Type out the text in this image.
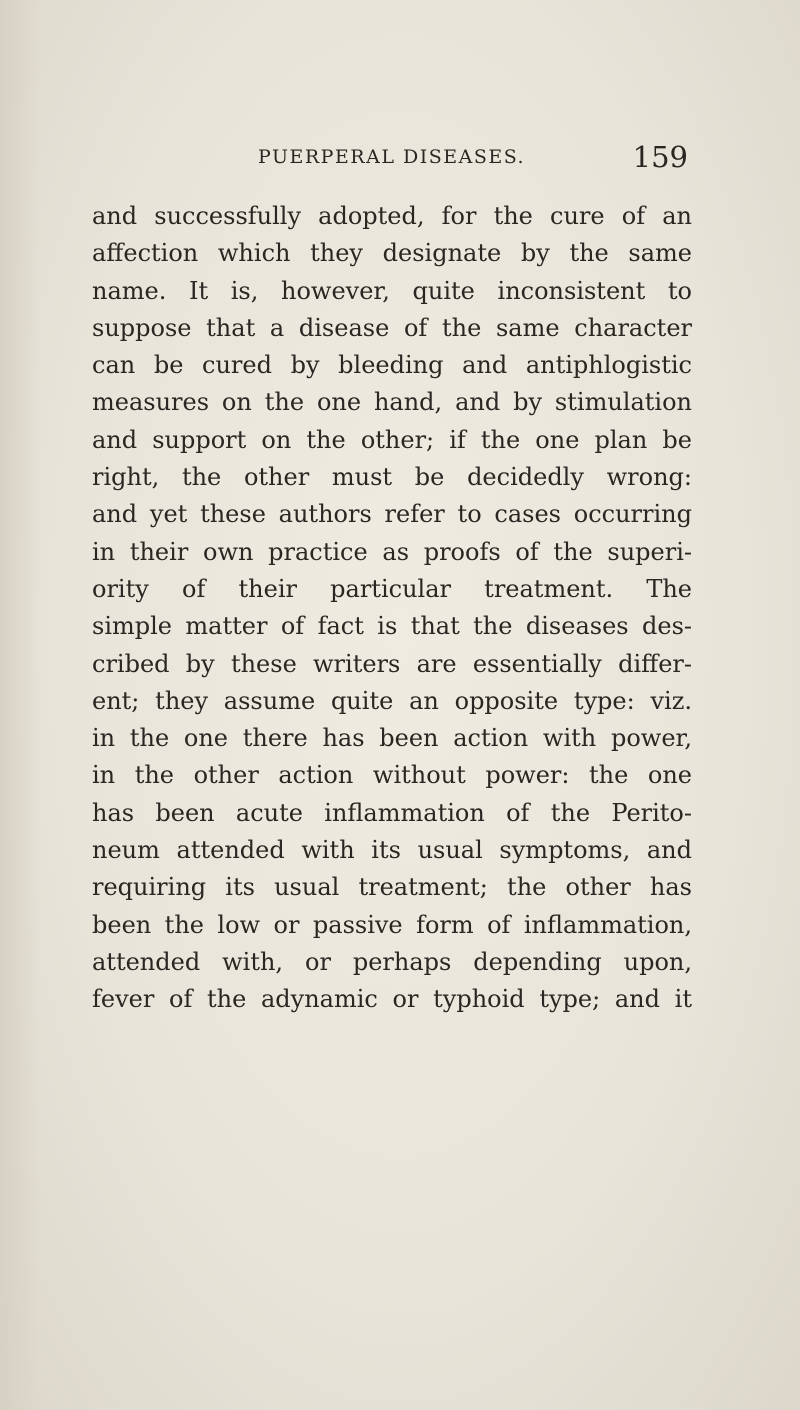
PUERPERAL DISEASES.	159
and successfully adopted, for the cure of an
affection which they designate by the same
name. It is, however, quite inconsistent to
suppose that a disease of the same character
can be cured by bleeding and antiphlogistic
measures on the one hand, and by stimulation
and support on the other; if the one plan be
right, the other must be decidedly wrong:
and yet these authors refer to cases occurring
in their own practice as proofs of the superi-
ority of their particular treatment. The
simple matter of fact is that the diseases des-
cribed by these writers are essentially differ-
ent; they assume quite an opposite type: viz.
in the one there has been action with power,
in the other action without power: the one
has been acute inflammation of the Perito-
neum attended with its usual symptoms, and
requiring its usual treatment; the other has
been the low or passive form of inflammation,
attended with, or perhaps depending upon,
fever of the adynamic or typhoid type; and it
